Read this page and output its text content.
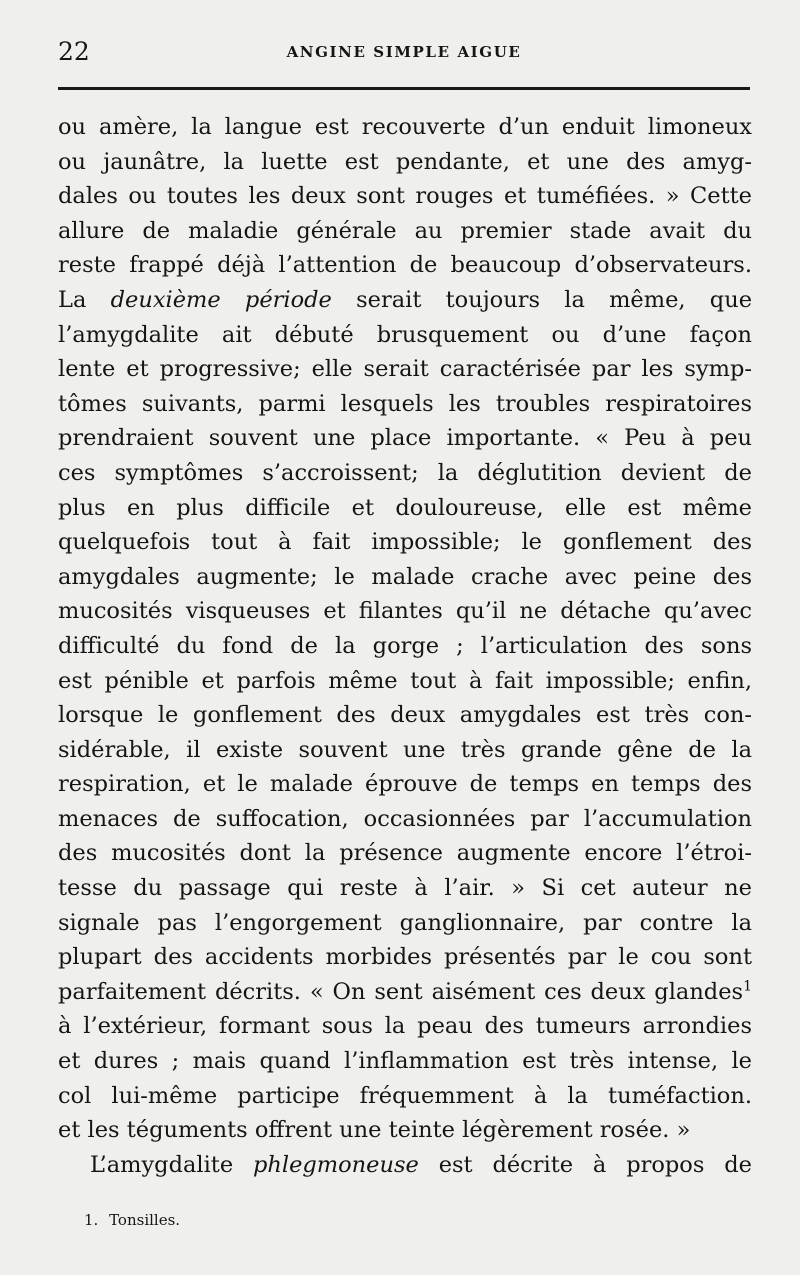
22	ANGINE SIMPLE AIGUE
ou amère, la langue est recouverte d’un enduit limoneux
ou jaunâtre, la luette est pendante, et une des amyg-
dales ou toutes les deux sont rouges et tuméfiées. » Cette
allure de maladie générale au premier stade avait du
reste frappé déjà l’attention de beaucoup d’observateurs.
La deuxième période serait toujours la même, que
l’amygdalite ait débuté brusquement ou d’une façon
lente et progressive; elle serait caractérisée par les symp-
tômes suivants, parmi lesquels les troubles respiratoires
prendraient souvent une place importante. « Peu à peu
ces symptômes s’accroissent; la déglutition devient de
plus en plus difficile et douloureuse, elle est même
quelquefois tout à fait impossible; le gonflement des
amygdales augmente; le malade crache avec peine des
mucosités visqueuses et filantes qu’il ne détache qu’avec
difficulté du fond de la gorge ; l’articulation des sons
est pénible et parfois même tout à fait impossible; enfin,
lorsque le gonflement des deux amygdales est très con-
sidérable, il existe souvent une très grande gêne de la
respiration, et le malade éprouve de temps en temps des
menaces de suffocation, occasionnées par l’accumulation
des mucosités dont la présence augmente encore l’étroi-
tesse du passage qui reste à l’air. » Si cet auteur ne
signale pas l’engorgement ganglionnaire, par contre la
plupart des accidents morbides présentés par le cou sont
parfaitement décrits. « On sent aisément ces deux glandes$^1$
à l’extérieur, formant sous la peau des tumeurs arrondies
et dures ; mais quand l’inflammation est très intense, le
col lui-même participe fréquemment à la tuméfaction.
et les téguments offrent une teinte légèrement rosée. »
L’amygdalite phlegmoneuse est décrite à propos de
1. Tonsilles.
